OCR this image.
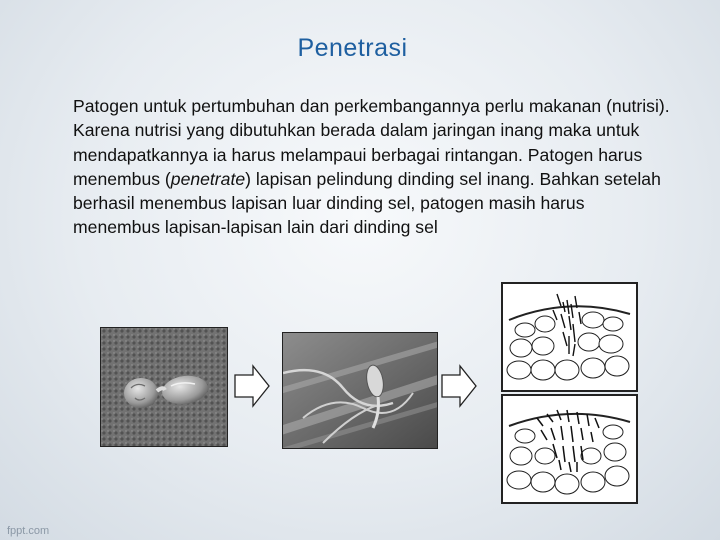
Penetrasi
Patogen untuk pertumbuhan dan perkembangannya perlu makanan (nutrisi). Karena nutrisi yang dibutuhkan berada dalam jaringan inang maka untuk mendapatkannya ia harus melampaui berbagai rintangan. Patogen harus menembus (penetrate) lapisan pelindung dinding sel inang. Bahkan setelah berhasil menembus lapisan luar dinding sel, patogen masih harus menembus lapisan-lapisan lain dari dinding sel
fppt.com
